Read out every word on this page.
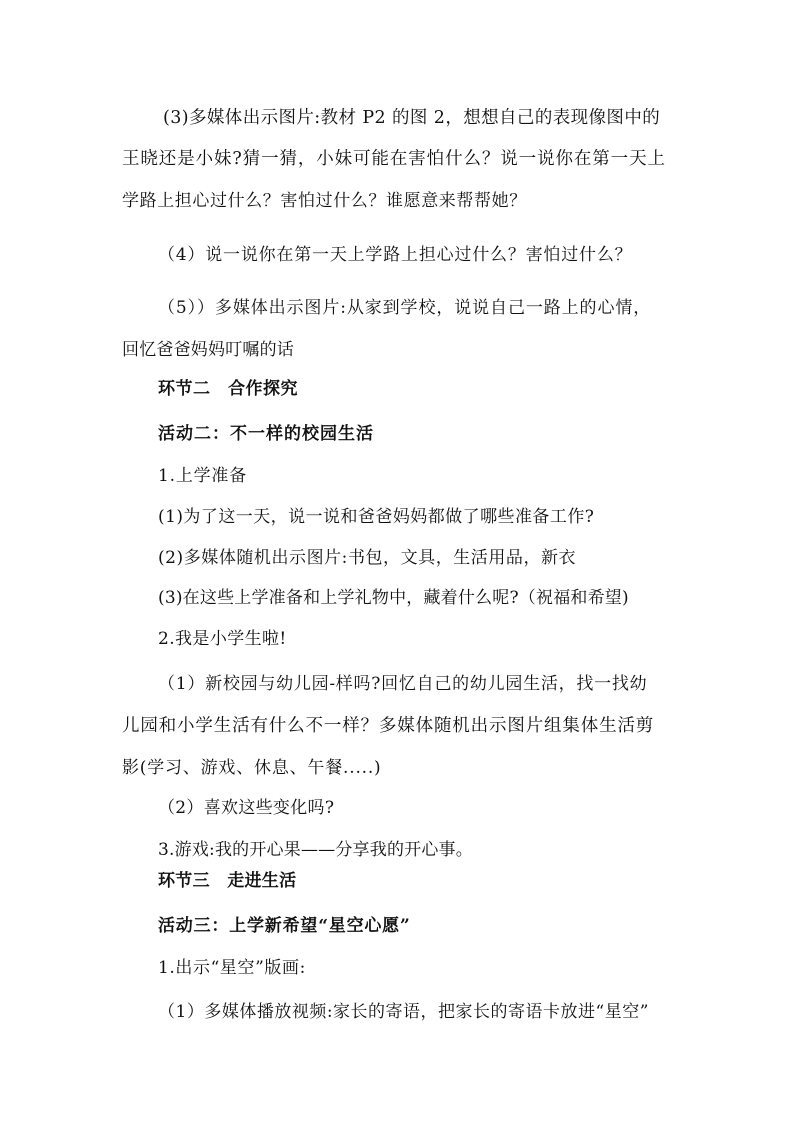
(3)多媒体出示图片:教材 P2 的图 2，想想自己的表现像图中的
王晓还是小妹?猜一猜，小妹可能在害怕什么？说一说你在第一天上
学路上担心过什么？害怕过什么？谁愿意来帮帮她？
（4）说一说你在第一天上学路上担心过什么？害怕过什么？
（5））多媒体出示图片:从家到学校，说说自己一路上的心情，
回忆爸爸妈妈叮嘱的话
环节二　合作探究
活动二：不一样的校园生活
1.上学准备
(1)为了这一天，说一说和爸爸妈妈都做了哪些准备工作?
(2)多媒体随机出示图片:书包，文具，生活用品，新衣
(3)在这些上学准备和上学礼物中，藏着什么呢?（祝福和希望)
2.我是小学生啦!
（1）新校园与幼儿园-样吗?回忆自己的幼儿园生活，找一找幼
儿园和小学生活有什么不一样？多媒体随机出示图片组集体生活剪
影(学习、游戏、休息、午餐.....)
（2）喜欢这些变化吗?
3.游戏:我的开心果——分享我的开心事。
环节三　走进生活
活动三：上学新希望“星空心愿”
1.出示“星空”版画:
（1）多媒体播放视频:家长的寄语，把家长的寄语卡放进“星空”
